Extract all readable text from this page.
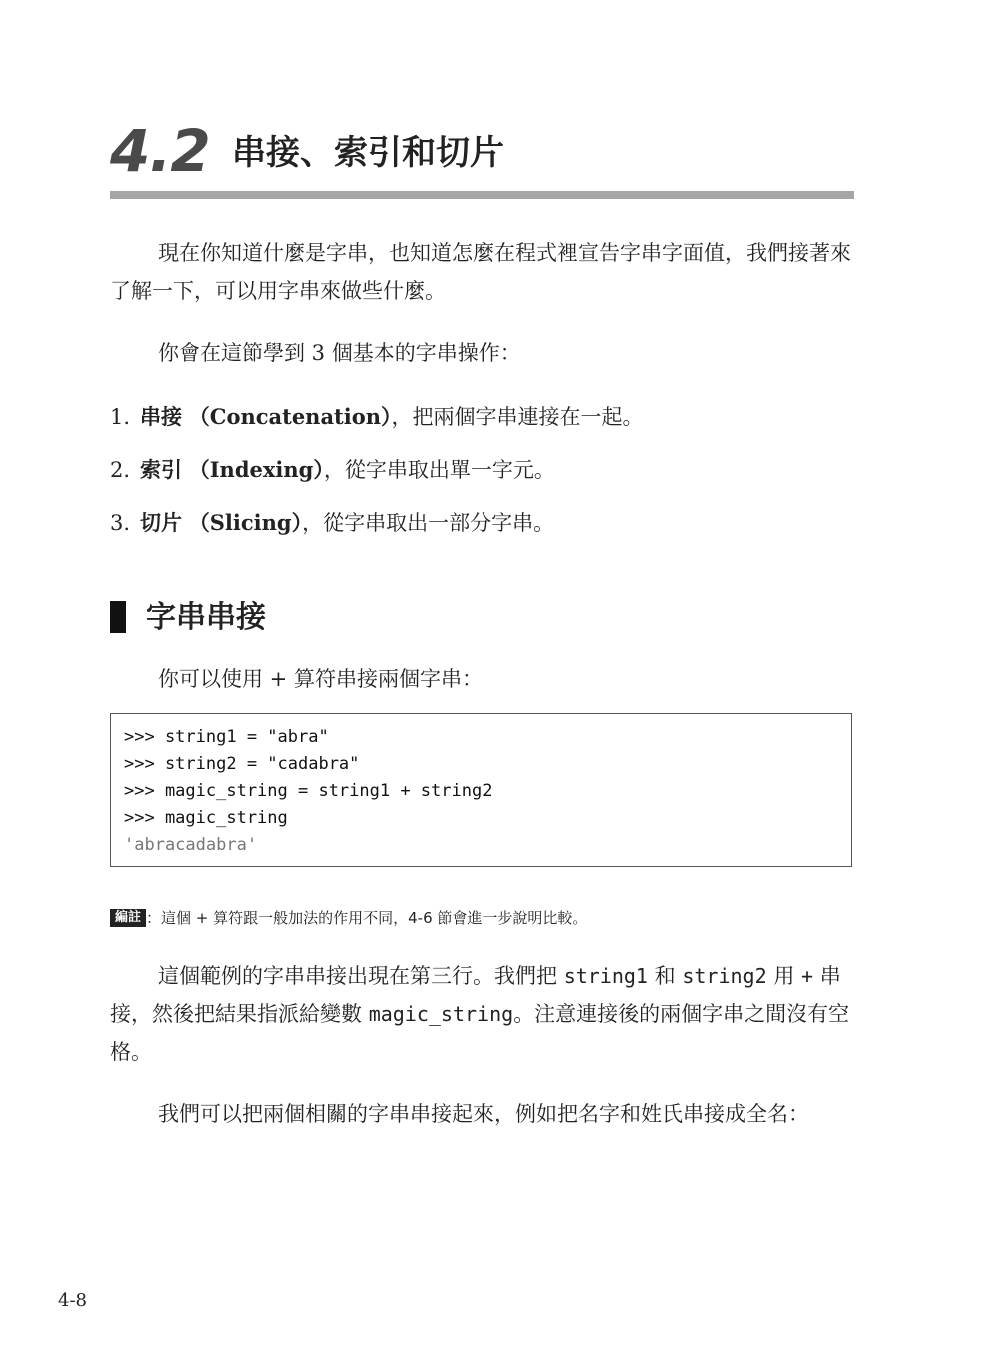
4.2 串接、索引和切片

現在你知道什麼是字串，也知道怎麼在程式裡宣告字串字面值，我們接著來了解一下，可以用字串來做些什麼。

你會在這節學到 3 個基本的字串操作：

1. 串接 （Concatenation），把兩個字串連接在一起。
2. 索引 （Indexing），從字串取出單一字元。
3. 切片 （Slicing），從字串取出一部分字串。
字串串接

你可以使用 + 算符串接兩個字串：

>>> string1 = "abra"
>>> string2 = "cadabra"
>>> magic_string = string1 + string2
>>> magic_string
'abracadabra'
編註 ：這個 + 算符跟一般加法的作用不同，4-6 節會進一步說明比較。

這個範例的字串串接出現在第三行。我們把 string1 和 string2 用 + 串接，然後把結果指派給變數 magic_string。注意連接後的兩個字串之間沒有空格。

我們可以把兩個相關的字串串接起來，例如把名字和姓氏串接成全名：

4-8
